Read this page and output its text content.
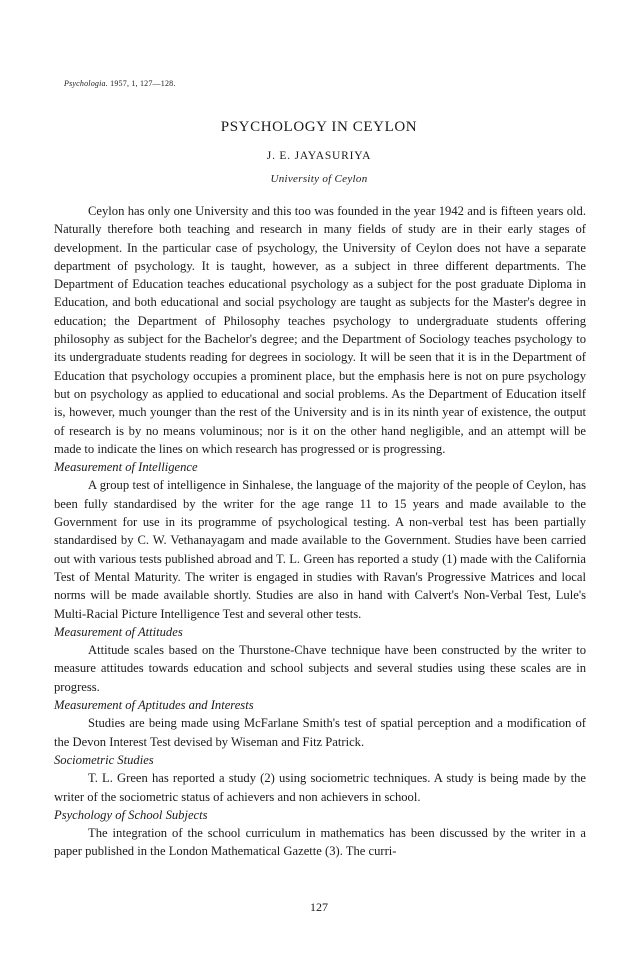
Psychologia. 1957, 1, 127—128.
PSYCHOLOGY IN CEYLON
J. E. JAYASURIYA
University of Ceylon

Ceylon has only one University and this too was founded in the year 1942 and is fifteen years old. Naturally therefore both teaching and research in many fields of study are in their early stages of development. In the particular case of psychology, the University of Ceylon does not have a separate department of psychology. It is taught, however, as a subject in three different departments. The Department of Education teaches educational psychology as a subject for the post graduate Diploma in Education, and both educational and social psychology are taught as subjects for the Master's degree in education; the Department of Philosophy teaches psychology to undergraduate students offering philosophy as subject for the Bachelor's degree; and the Department of Sociology teaches psychology to its undergraduate students reading for degrees in sociology. It will be seen that it is in the Department of Education that psychology occupies a prominent place, but the emphasis here is not on pure psychology but on psychology as applied to educational and social problems. As the Department of Education itself is, however, much younger than the rest of the University and is in its ninth year of existence, the output of research is by no means voluminous; nor is it on the other hand negligible, and an attempt will be made to indicate the lines on which research has progressed or is progressing.

Measurement of Intelligence

A group test of intelligence in Sinhalese, the language of the majority of the people of Ceylon, has been fully standardised by the writer for the age range 11 to 15 years and made available to the Government for use in its programme of psychological testing. A non-verbal test has been partially standardised by C. W. Vethanayagam and made available to the Government. Studies have been carried out with various tests published abroad and T. L. Green has reported a study (1) made with the California Test of Mental Maturity. The writer is engaged in studies with Ravan's Progressive Matrices and local norms will be made available shortly. Studies are also in hand with Calvert's Non-Verbal Test, Lule's Multi-Racial Picture Intelligence Test and several other tests.

Measurement of Attitudes

Attitude scales based on the Thurstone-Chave technique have been constructed by the writer to measure attitudes towards education and school subjects and several studies using these scales are in progress.

Measurement of Aptitudes and Interests

Studies are being made using McFarlane Smith's test of spatial perception and a modification of the Devon Interest Test devised by Wiseman and Fitz Patrick.

Sociometric Studies

T. L. Green has reported a study (2) using sociometric techniques. A study is being made by the writer of the sociometric status of achievers and non achievers in school.

Psychology of School Subjects

The integration of the school curriculum in mathematics has been discussed by the writer in a paper published in the London Mathematical Gazette (3). The curri-

127
